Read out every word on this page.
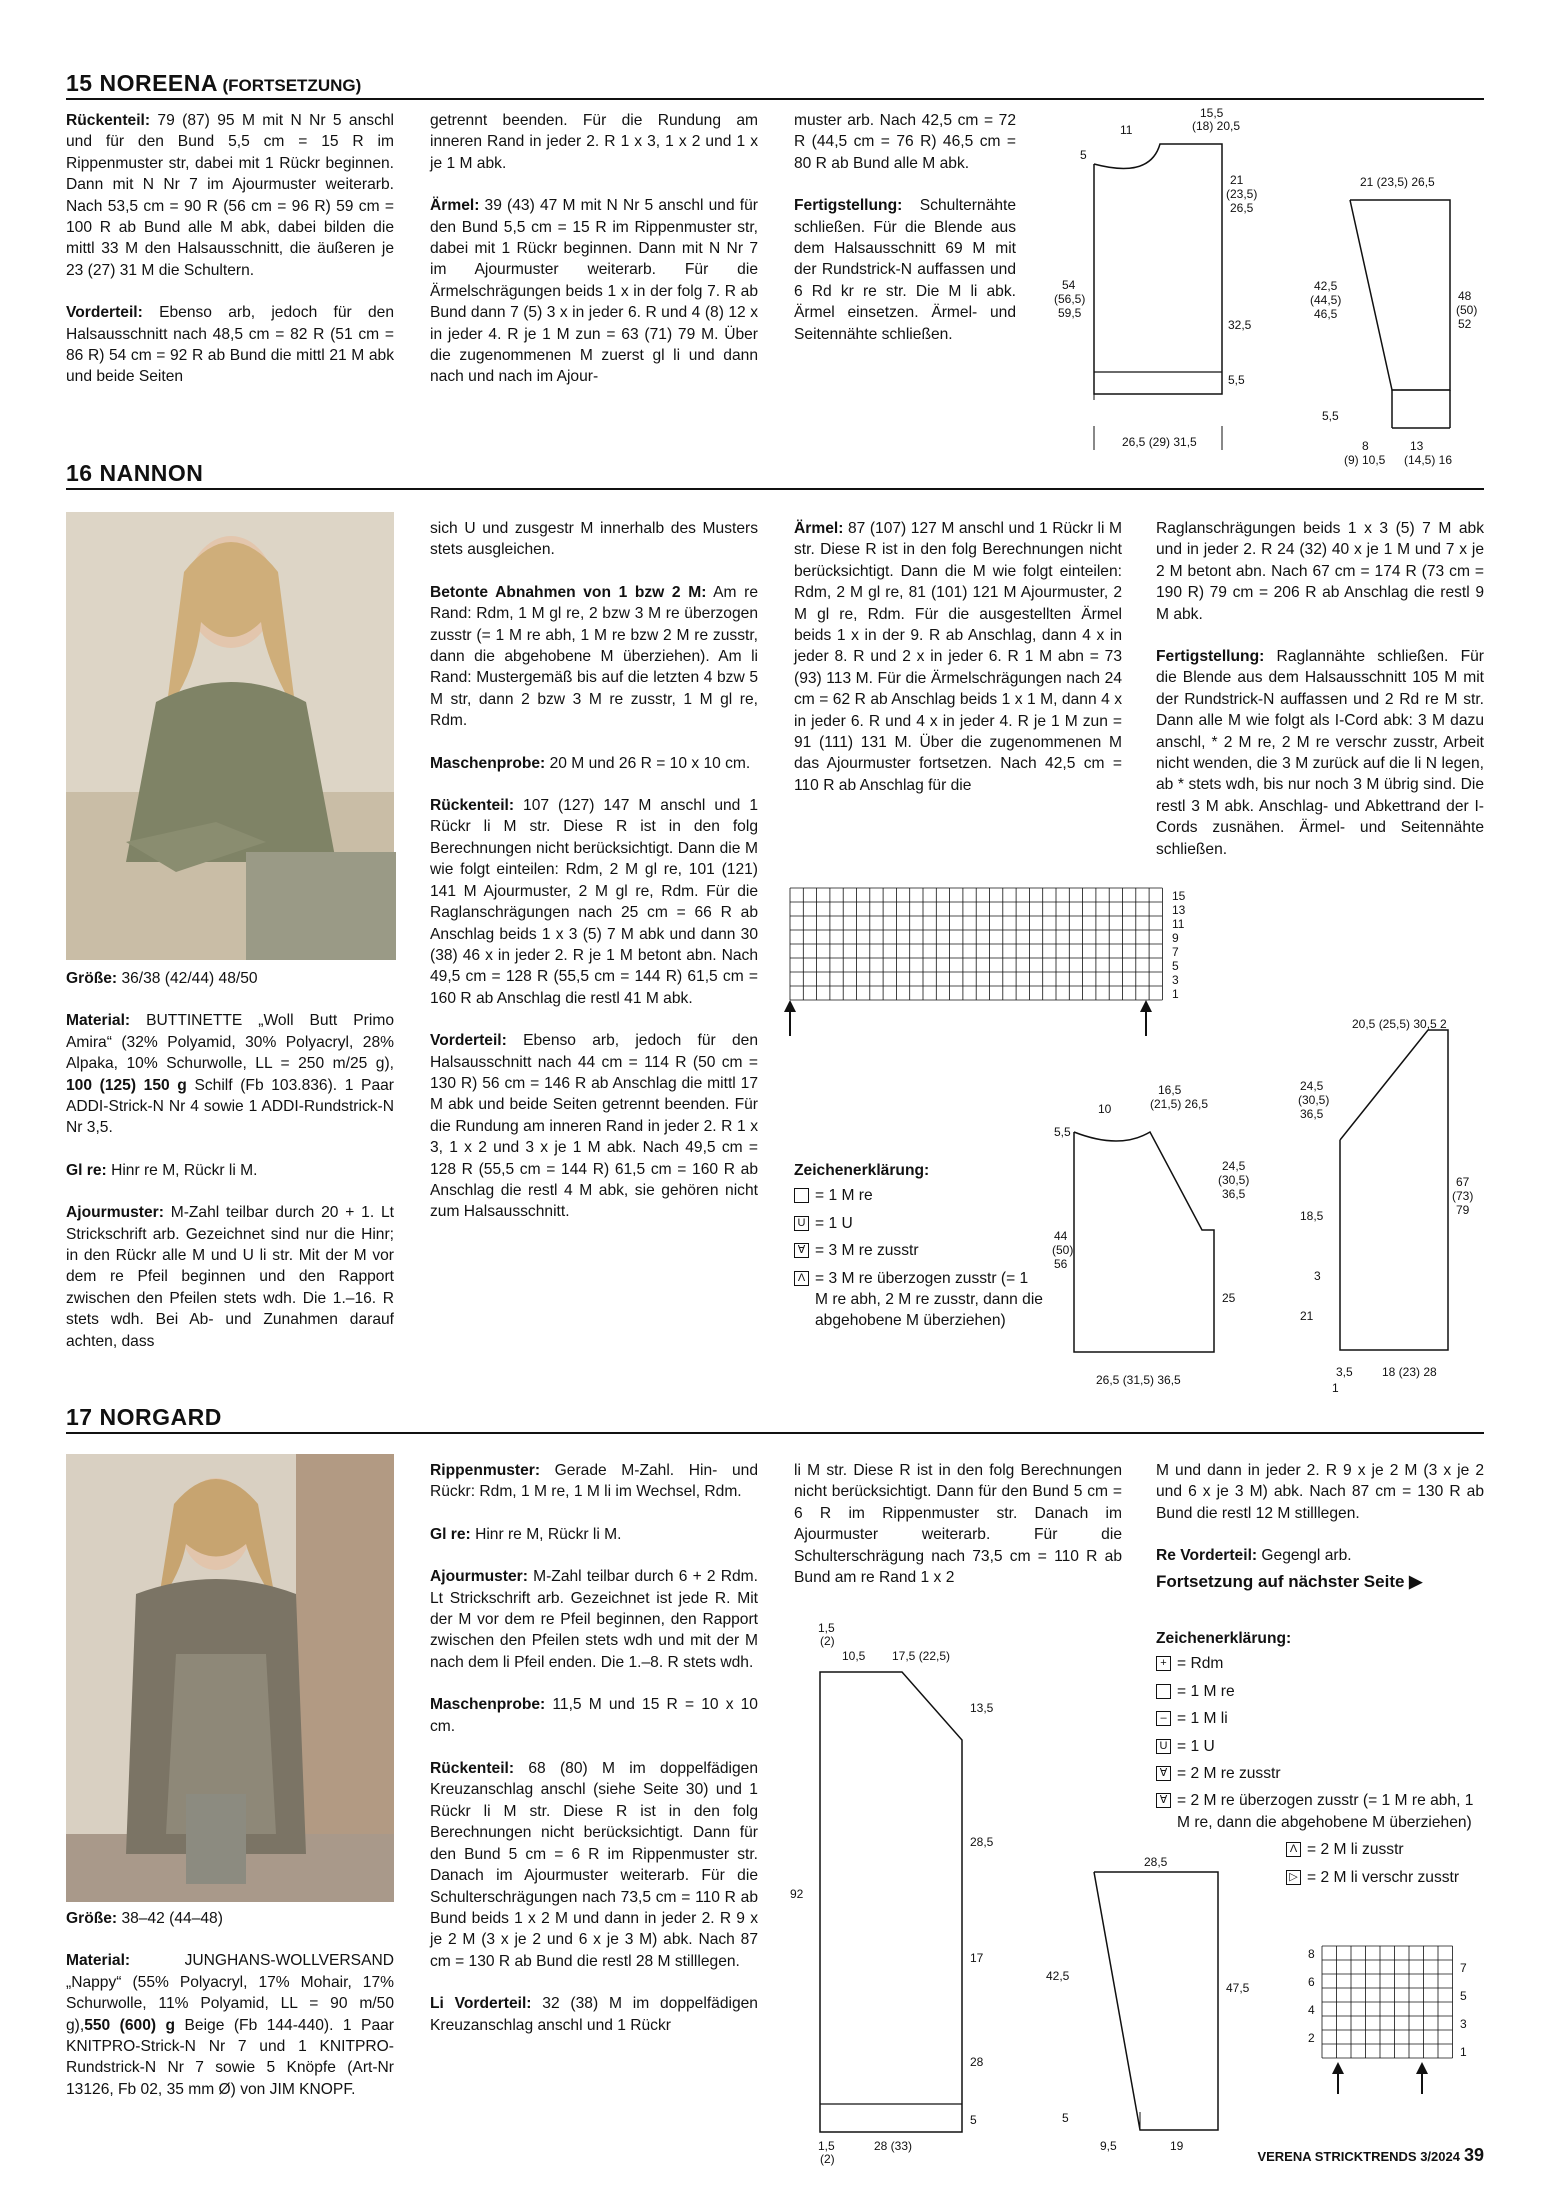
15 NOREENA (FORTSETZUNG)

Rückenteil: 79 (87) 95 M mit N Nr 5 anschl und für den Bund 5,5 cm = 15 R im Rippenmuster str, dabei mit 1 Rückr beginnen. Dann mit N Nr 7 im Ajourmuster weiterarb. Nach 53,5 cm = 90 R (56 cm = 96 R) 59 cm = 100 R ab Bund alle M abk, dabei bilden die mittl 33 M den Halsausschnitt, die äußeren je 23 (27) 31 M die Schultern.

Vorderteil: Ebenso arb, jedoch für den Halsausschnitt nach 48,5 cm = 82 R (51 cm = 86 R) 54 cm = 92 R ab Bund die mittl 21 M abk und beide Seiten

getrennt beenden. Für die Rundung am inneren Rand in jeder 2. R 1 x 3, 1 x 2 und 1 x je 1 M abk.

Ärmel: 39 (43) 47 M mit N Nr 5 anschl und für den Bund 5,5 cm = 15 R im Rippenmuster str, dabei mit 1 Rückr beginnen. Dann mit N Nr 7 im Ajourmuster weiterarb. Für die Ärmelschrägungen beids 1 x in der folg 7. R ab Bund dann 7 (5) 3 x in jeder 6. R und 4 (8) 12 x in jeder 4. R je 1 M zun = 63 (71) 79 M. Über die zugenommenen M zuerst gl li und dann nach und nach im Ajour-

muster arb. Nach 42,5 cm = 72 R (44,5 cm = 76 R) 46,5 cm = 80 R ab Bund alle M abk.

Fertigstellung: Schulternähte schließen. Für die Blende aus dem Halsausschnitt 69 M mit der Rundstrick-N auffassen und 6 Rd kr re str. Die M li abk. Ärmel einsetzen. Ärmel- und Seitennähte schließen.

15,5
(18) 20,5
11
5
21
(23,5)
26,5
54
(56,5)
59,5
32,5
5,5
26,5 (29) 31,5
21 (23,5) 26,5
42,5
(44,5)
46,5
48
(50)
52
5,5
8	13
(9) 10,5 (14,5) 16
16 NANNON

Größe: 36/38 (42/44) 48/50

Material: BUTTINETTE „Woll Butt Primo Amira“ (32% Polyamid, 30% Polyacryl, 28% Alpaka, 10% Schurwolle, LL = 250 m/25 g), 100 (125) 150 g Schilf (Fb 103.836). 1 Paar ADDI-Strick-N Nr 4 sowie 1 ADDI-Rundstrick-N Nr 3,5.

Gl re: Hinr re M, Rückr li M.

Ajourmuster: M-Zahl teilbar durch 20 + 1. Lt Strickschrift arb. Gezeichnet sind nur die Hinr; in den Rückr alle M und U li str. Mit der M vor dem re Pfeil beginnen und den Rapport zwischen den Pfeilen stets wdh. Die 1.–16. R stets wdh. Bei Ab- und Zunahmen darauf achten, dass

sich U und zusgestr M innerhalb des Musters stets ausgleichen.

Betonte Abnahmen von 1 bzw 2 M: Am re Rand: Rdm, 1 M gl re, 2 bzw 3 M re überzogen zusstr (= 1 M re abh, 1 M re bzw 2 M re zusstr, dann die abgehobene M überziehen). Am li Rand: Mustergemäß bis auf die letzten 4 bzw 5 M str, dann 2 bzw 3 M re zusstr, 1 M gl re, Rdm.

Maschenprobe: 20 M und 26 R = 10 x 10 cm.

Rückenteil: 107 (127) 147 M anschl und 1 Rückr li M str. Diese R ist in den folg Berechnungen nicht berücksichtigt. Dann die M wie folgt einteilen: Rdm, 2 M gl re, 101 (121) 141 M Ajourmuster, 2 M gl re, Rdm. Für die Raglanschrägungen nach 25 cm = 66 R ab Anschlag beids 1 x 3 (5) 7 M abk und dann 30 (38) 46 x in jeder 2. R je 1 M betont abn. Nach 49,5 cm = 128 R (55,5 cm = 144 R) 61,5 cm = 160 R ab Anschlag die restl 41 M abk.

Vorderteil: Ebenso arb, jedoch für den Halsausschnitt nach 44 cm = 114 R (50 cm = 130 R) 56 cm = 146 R ab Anschlag die mittl 17 M abk und beide Seiten getrennt beenden. Für die Rundung am inneren Rand in jeder 2. R 1 x 3, 1 x 2 und 3 x je 1 M abk. Nach 49,5 cm = 128 R (55,5 cm = 144 R) 61,5 cm = 160 R ab Anschlag die restl 4 M abk, sie gehören nicht zum Halsausschnitt.

Ärmel: 87 (107) 127 M anschl und 1 Rückr li M str. Diese R ist in den folg Berechnungen nicht berücksichtigt. Dann die M wie folgt einteilen: Rdm, 2 M gl re, 81 (101) 121 M Ajourmuster, 2 M gl re, Rdm. Für die ausgestellten Ärmel beids 1 x in der 9. R ab Anschlag, dann 4 x in jeder 8. R und 2 x in jeder 6. R 1 M abn = 73 (93) 113 M. Für die Ärmelschrägungen nach 24 cm = 62 R ab Anschlag beids 1 x 1 M, dann 4 x in jeder 6. R und 4 x in jeder 4. R je 1 M zun = 91 (111) 131 M. Über die zugenommenen M das Ajourmuster fortsetzen. Nach 42,5 cm = 110 R ab Anschlag für die

Raglanschrägungen beids 1 x 3 (5) 7 M abk und in jeder 2. R 24 (32) 40 x je 1 M und 7 x je 2 M betont abn. Nach 67 cm = 174 R (73 cm = 190 R) 79 cm = 206 R ab Anschlag die restl 9 M abk.

Fertigstellung: Raglannähte schließen. Für die Blende aus dem Halsausschnitt 105 M mit der Rundstrick-N auffassen und 2 Rd re M str. Dann alle M wie folgt als I-Cord abk: 3 M dazu anschl, * 2 M re, 2 M re verschr zusstr, Arbeit nicht wenden, die 3 M zurück auf die li N legen, ab * stets wdh, bis nur noch 3 M übrig sind. Die restl 3 M abk. Anschlag- und Abkettrand der I-Cords zusnähen. Ärmel- und Seitennähte schließen.

15
13
11
9
7
5
3
1
Zeichenerklärung:
= 1 M re
U = 1 U
∀ = 3 M re zusstr
Λ = 3 M re überzogen zusstr (= 1 M re abh, 2 M re zusstr, dann die abgehobene M überziehen)
10
16,5
(21,5) 26,5
5,5
24,5
(30,5)
36,5
44
(50)
56
25
26,5 (31,5) 36,5
20,5 (25,5) 30,5 2
24,5
(30,5)
36,5
18,5
3
21
67
(73)
79
3,5 18 (23) 28
1
17 NORGARD

Größe: 38–42 (44–48)

Material: JUNGHANS-WOLLVERSAND „Nappy“ (55% Polyacryl, 17% Mohair, 17% Schurwolle, 11% Polyamid, LL = 90 m/50 g),550 (600) g Beige (Fb 144-440). 1 Paar KNITPRO-Strick-N Nr 7 und 1 KNITPRO-Rundstrick-N Nr 7 sowie 5 Knöpfe (Art-Nr 13126, Fb 02, 35 mm Ø) von JIM KNOPF.

Rippenmuster: Gerade M-Zahl. Hin- und Rückr: Rdm, 1 M re, 1 M li im Wechsel, Rdm.

Gl re: Hinr re M, Rückr li M.

Ajourmuster: M-Zahl teilbar durch 6 + 2 Rdm. Lt Strickschrift arb. Gezeichnet ist jede R. Mit der M vor dem re Pfeil beginnen, den Rapport zwischen den Pfeilen stets wdh und mit der M nach dem li Pfeil enden. Die 1.–8. R stets wdh.

Maschenprobe: 11,5 M und 15 R = 10 x 10 cm.

Rückenteil: 68 (80) M im doppelfädigen Kreuzanschlag anschl (siehe Seite 30) und 1 Rückr li M str. Diese R ist in den folg Berechnungen nicht berücksichtigt. Dann für den Bund 5 cm = 6 R im Rippenmuster str. Danach im Ajourmuster weiterarb. Für die Schulterschrägungen nach 73,5 cm = 110 R ab Bund beids 1 x 2 M und dann in jeder 2. R 9 x je 2 M (3 x je 2 und 6 x je 3 M) abk. Nach 87 cm = 130 R ab Bund die restl 28 M stilllegen.

Li Vorderteil: 32 (38) M im doppelfädigen Kreuzanschlag anschl und 1 Rückr

li M str. Diese R ist in den folg Berechnungen nicht berücksichtigt. Dann für den Bund 5 cm = 6 R im Rippenmuster str. Danach im Ajourmuster weiterarb. Für die Schulterschrägung nach 73,5 cm = 110 R ab Bund am re Rand 1 x 2

M und dann in jeder 2. R 9 x je 2 M (3 x je 2 und 6 x je 3 M) abk. Nach 87 cm = 130 R ab Bund die restl 12 M stilllegen.

Re Vorderteil: Gegengl arb.

Fortsetzung auf nächster Seite ▶
Zeichenerklärung:
+ = Rdm
= 1 M re
– = 1 M li
U = 1 U
∀ = 2 M re zusstr
∀ = 2 M re überzogen zusstr (= 1 M re abh, 1 M re, dann die abgehobene M überziehen)
Λ = 2 M li zusstr
▷ = 2 M li verschr zusstr
8
6
4
2
7
5
3
1
1,5
(2)
10,5 17,5 (22,5)
13,5
28,5
92
17
28
5
28 (33)
1,5
(2)
28,5
42,5
47,5
5
9,5	19
VERENA STRICKTRENDS 3/2024 39
